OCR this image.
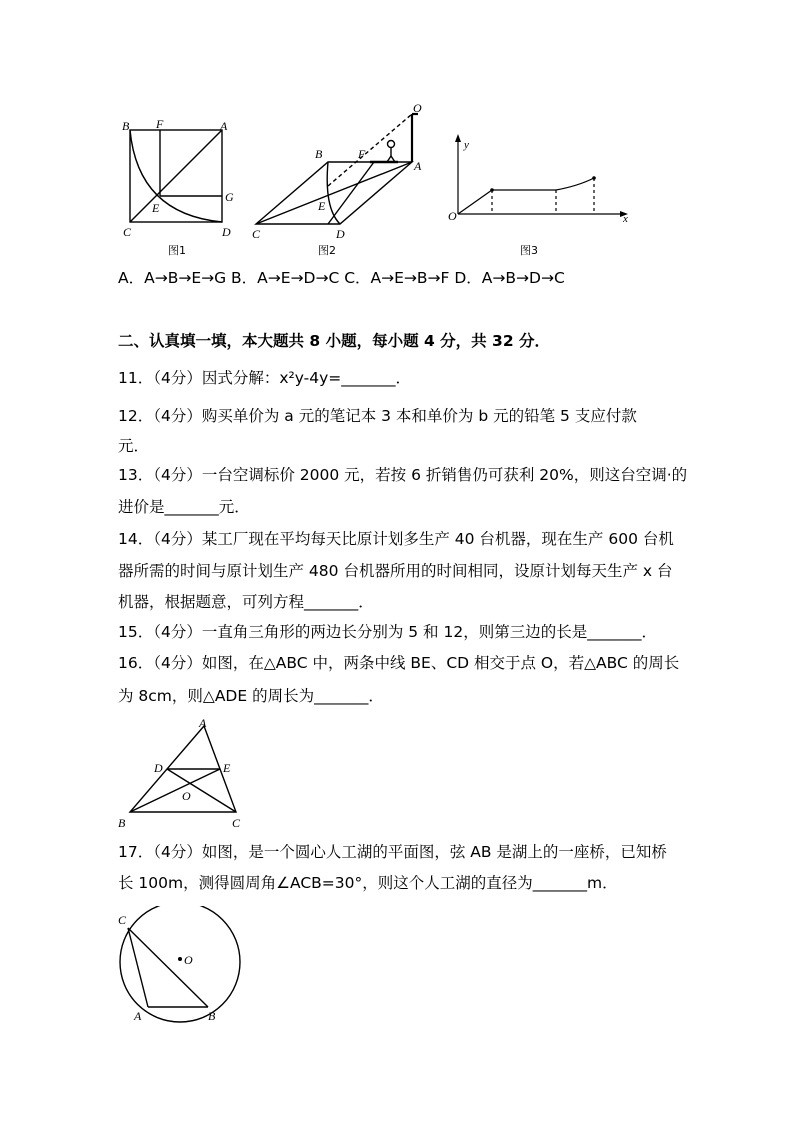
B F	A
C	D
E
G
图1
B	F
A
O
C	D
E
图2
O
y
x
图3
A．A→B→E→G B．A→E→D→C C．A→E→B→F D．A→B→D→C
二、认真填一填，本大题共 8 小题，每小题 4 分，共 32 分．
11．（4分）因式分解：x²y-4y=_______．
12．（4分）购买单价为 a 元的笔记本 3 本和单价为 b 元的铅笔 5 支应付款
元．
13．（4分）一台空调标价 2000 元，若按 6 折销售仍可获利 20%，则这台空调·的
进价是_______元．
14．（4分）某工厂现在平均每天比原计划多生产 40 台机器，现在生产 600 台机
器所需的时间与原计划生产 480 台机器所用的时间相同，设原计划每天生产 x 台
机器，根据题意，可列方程_______．
15．（4分）一直角三角形的两边长分别为 5 和 12，则第三边的长是_______．
16．（4分）如图，在△ABC 中，两条中线 BE、CD 相交于点 O，若△ABC 的周长
为 8cm，则△ADE 的周长为_______．
A
D	E
O
B	C
17．（4分）如图，是一个圆心人工湖的平面图，弦 AB 是湖上的一座桥，已知桥
长 100m，测得圆周角∠ACB=30°，则这个人工湖的直径为_______m．
C
O
A	B
